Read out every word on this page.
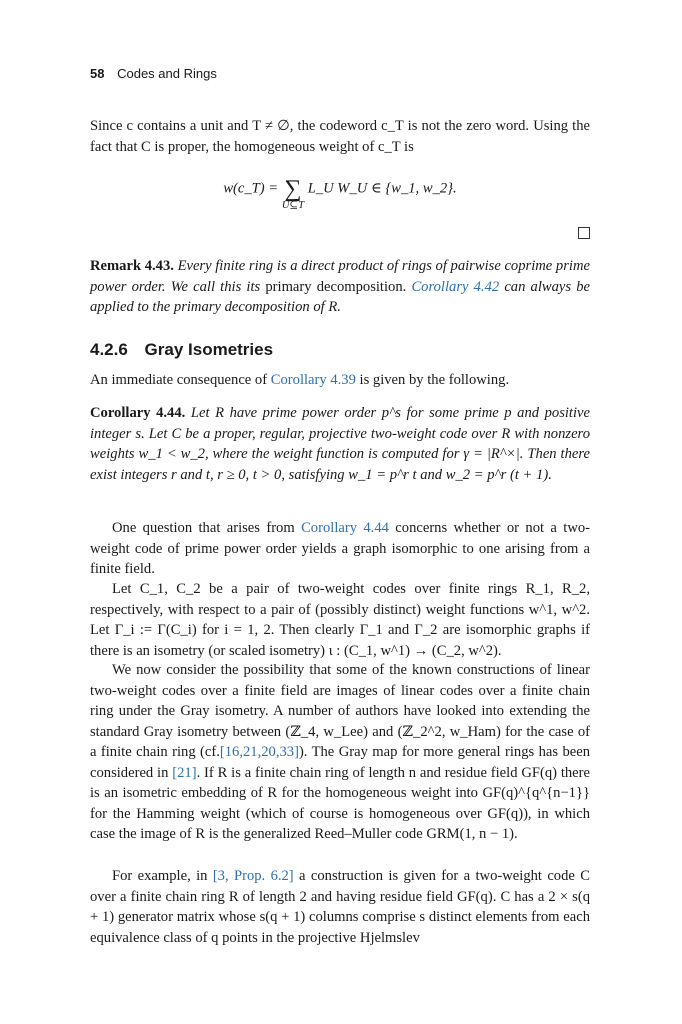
58 Codes and Rings
Since c contains a unit and T ≠ ∅, the codeword c_T is not the zero word. Using the fact that C is proper, the homogeneous weight of c_T is
w(c_T) = ∑
U⊆T
L_U W_U ∈ {w_1, w_2}.
Remark 4.43. Every finite ring is a direct product of rings of pairwise coprime prime power order. We call this its primary decomposition. Corollary 4.42 can always be applied to the primary decomposition of R.
4.2.6 Gray Isometries
An immediate consequence of Corollary 4.39 is given by the following.
Corollary 4.44. Let R have prime power order p^s for some prime p and positive integer s. Let C be a proper, regular, projective two-weight code over R with nonzero weights w_1 < w_2, where the weight function is computed for γ = |R^×|. Then there exist integers r and t, r ≥ 0, t > 0, satisfying w_1 = p^r t and w_2 = p^r (t + 1).
One question that arises from Corollary 4.44 concerns whether or not a two-weight code of prime power order yields a graph isomorphic to one arising from a finite field.
Let C_1, C_2 be a pair of two-weight codes over finite rings R_1, R_2, respectively, with respect to a pair of (possibly distinct) weight functions w^1, w^2. Let Γ_i := Γ(C_i) for i = 1, 2. Then clearly Γ_1 and Γ_2 are isomorphic graphs if there is an isometry (or scaled isometry) ι : (C_1, w^1) → (C_2, w^2).
We now consider the possibility that some of the known constructions of linear two-weight codes over a finite field are images of linear codes over a finite chain ring under the Gray isometry. A number of authors have looked into extending the standard Gray isometry between (ℤ_4, w_Lee) and (ℤ_2^2, w_Ham) for the case of a finite chain ring (cf.[16,21,20,33]). The Gray map for more general rings has been considered in [21]. If R is a finite chain ring of length n and residue field GF(q) there is an isometric embedding of R for the homogeneous weight into GF(q)^{q^{n−1}} for the Hamming weight (which of course is homogeneous over GF(q)), in which case the image of R is the generalized Reed–Muller code GRM(1, n − 1).
For example, in [3, Prop. 6.2] a construction is given for a two-weight code C over a finite chain ring R of length 2 and having residue field GF(q). C has a 2 × s(q + 1) generator matrix whose s(q + 1) columns comprise s distinct elements from each equivalence class of q points in the projective Hjelmslev
